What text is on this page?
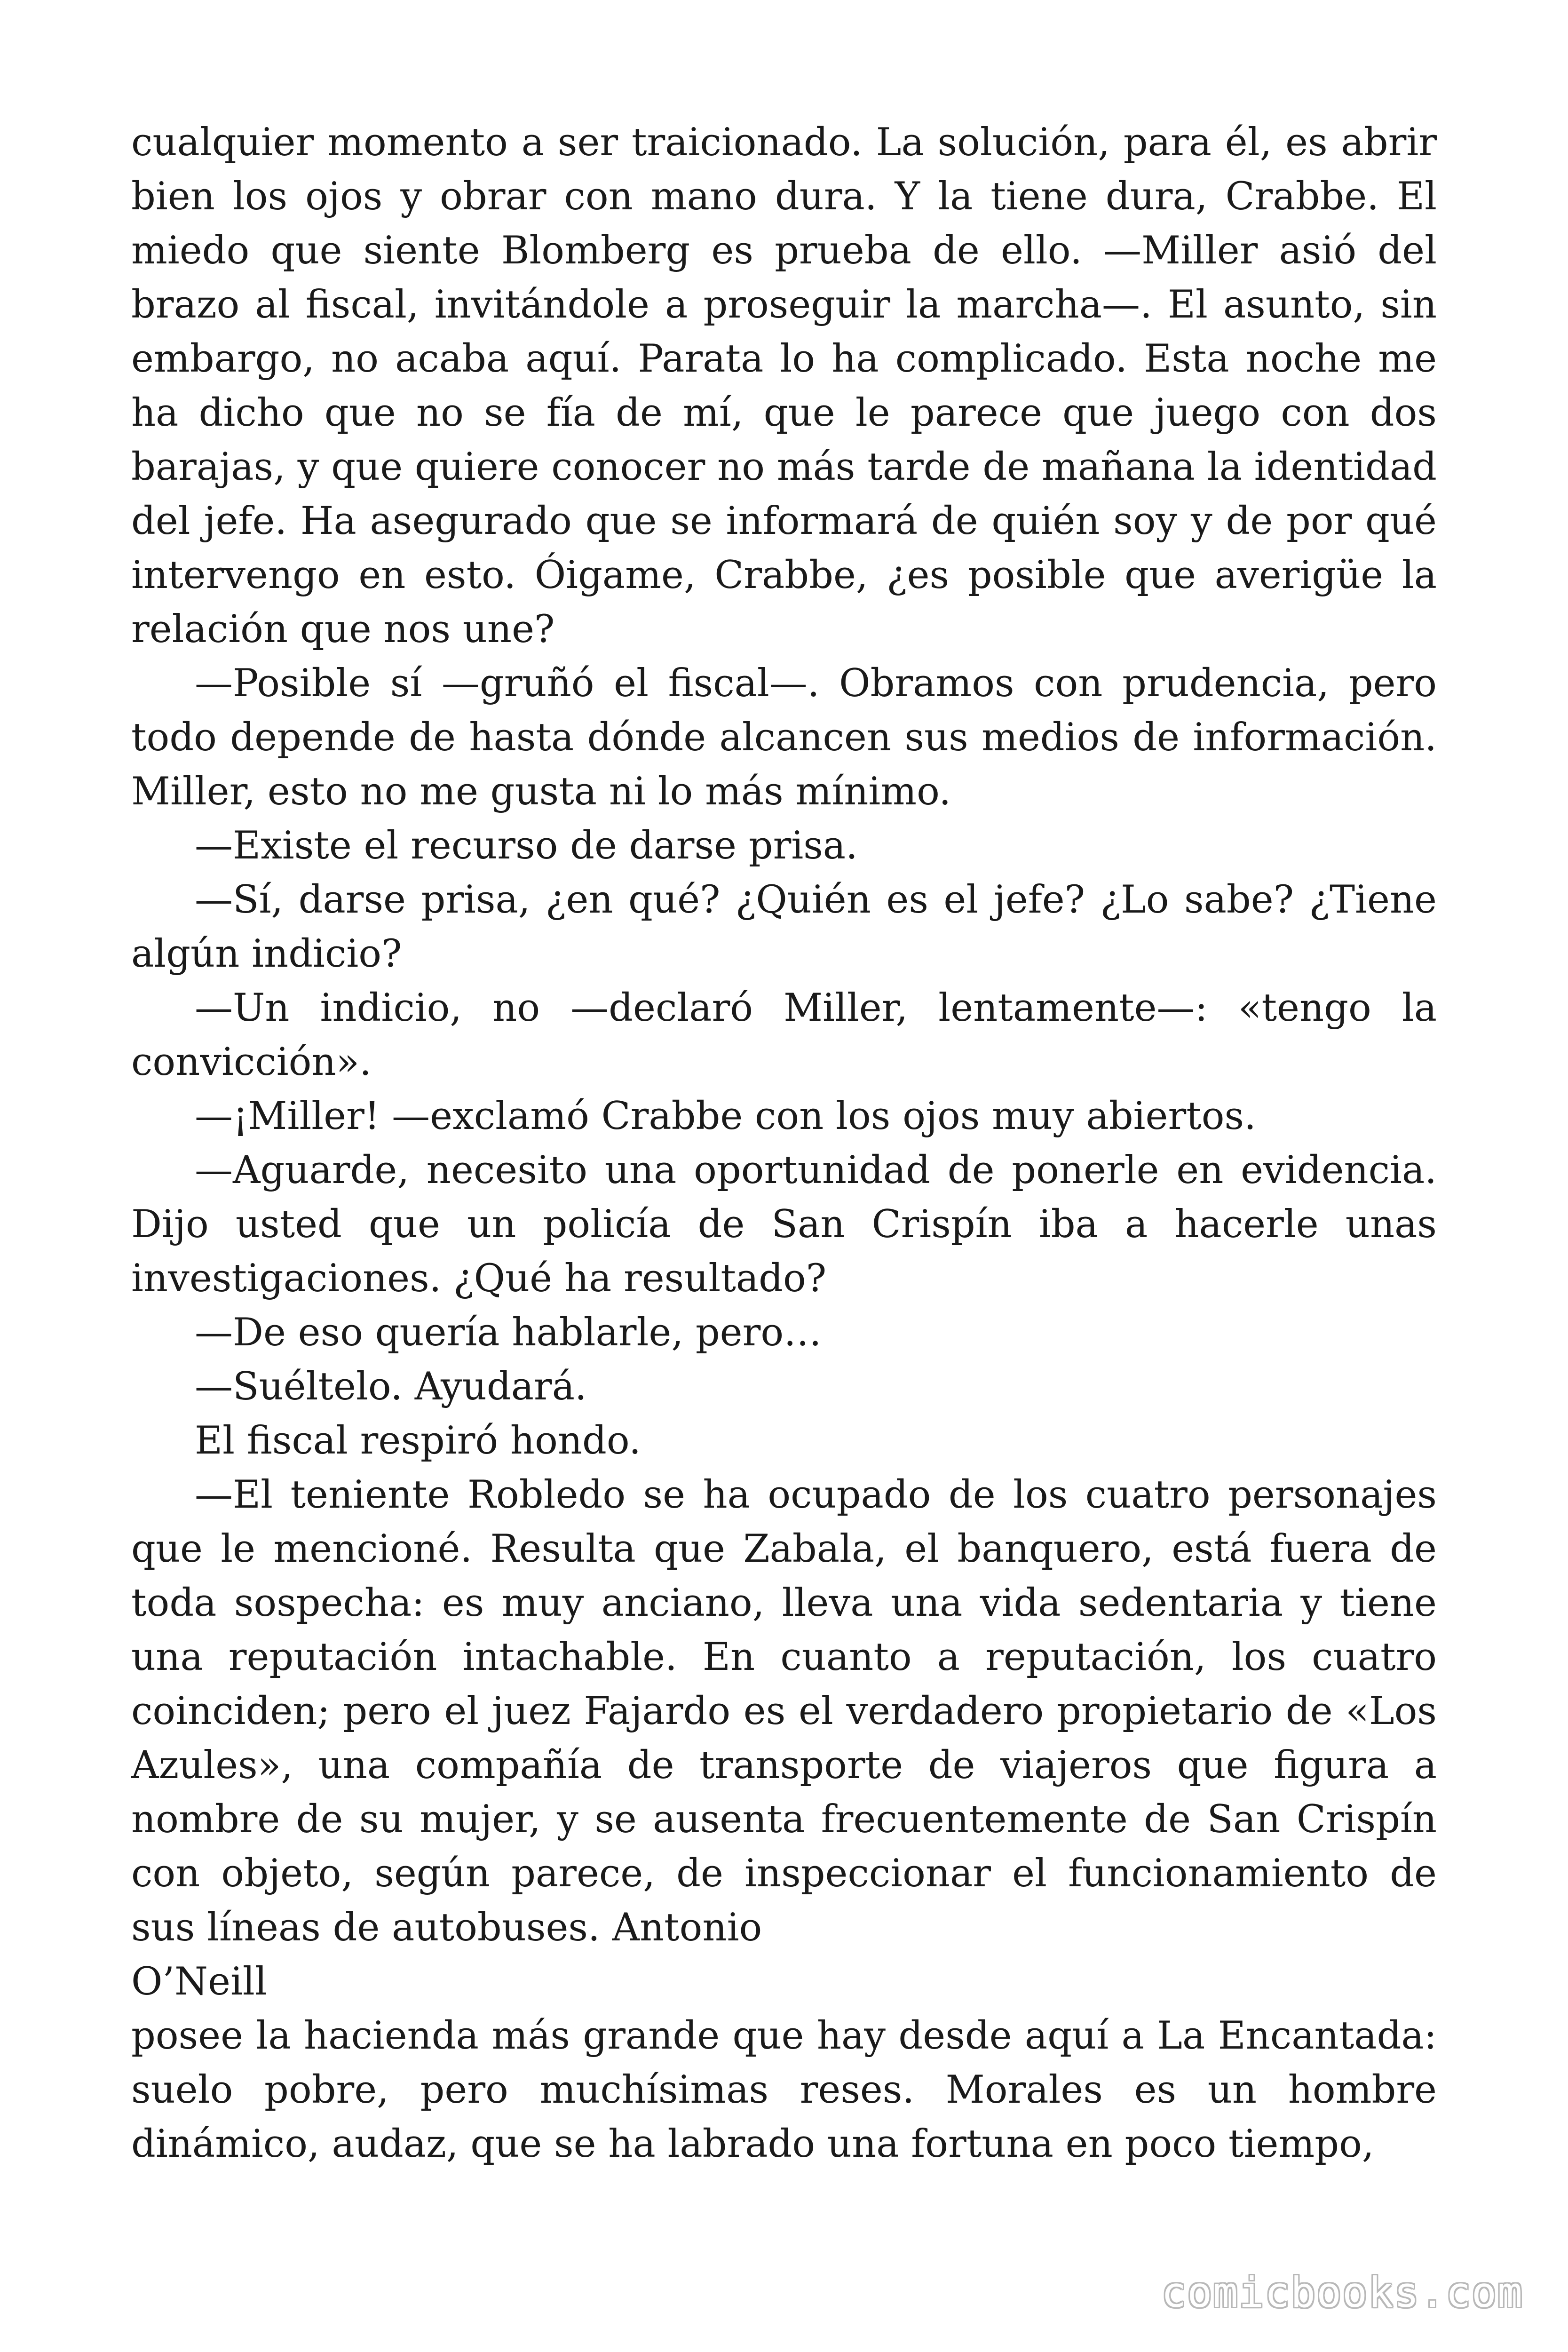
cualquier momento a ser traicionado. La solución, para él, es abrir bien los ojos y obrar con mano dura. Y la tiene dura, Crabbe. El miedo que siente Blomberg es prueba de ello. —Miller asió del brazo al fiscal, invitándole a proseguir la marcha—. El asunto, sin embargo, no acaba aquí. Parata lo ha complicado. Esta noche me ha dicho que no se fía de mí, que le parece que juego con dos barajas, y que quiere conocer no más tarde de mañana la identidad del jefe. Ha asegurado que se informará de quién soy y de por qué intervengo en esto. Óigame, Crabbe, ¿es posible que averigüe la relación que nos une?

—Posible sí —gruñó el fiscal—. Obramos con prudencia, pero todo depende de hasta dónde alcancen sus medios de información. Miller, esto no me gusta ni lo más mínimo.

—Existe el recurso de darse prisa.

—Sí, darse prisa, ¿en qué? ¿Quién es el jefe? ¿Lo sabe? ¿Tiene algún indicio?

—Un indicio, no —declaró Miller, lentamente—: «tengo la convicción».

—¡Miller! —exclamó Crabbe con los ojos muy abiertos.

—Aguarde, necesito una oportunidad de ponerle en evidencia. Dijo usted que un policía de San Crispín iba a hacerle unas investigaciones. ¿Qué ha resultado?

—De eso quería hablarle, pero…

—Suéltelo. Ayudará.

El fiscal respiró hondo.

—El teniente Robledo se ha ocupado de los cuatro personajes que le mencioné. Resulta que Zabala, el banquero, está fuera de toda sospecha: es muy anciano, lleva una vida sedentaria y tiene una reputación intachable. En cuanto a reputación, los cuatro coinciden; pero el juez Fajardo es el verdadero propietario de «Los Azules», una compañía de transporte de viajeros que figura a nombre de su mujer, y se ausenta frecuentemente de San Crispín con objeto, según parece, de inspeccionar el funcionamiento de sus líneas de autobuses. Antonio

O’Neill

posee la hacienda más grande que hay desde aquí a La Encantada: suelo pobre, pero muchísimas reses. Morales es un hombre dinámico, audaz, que se ha labrado una fortuna en poco tiempo,

comicbooks.com
